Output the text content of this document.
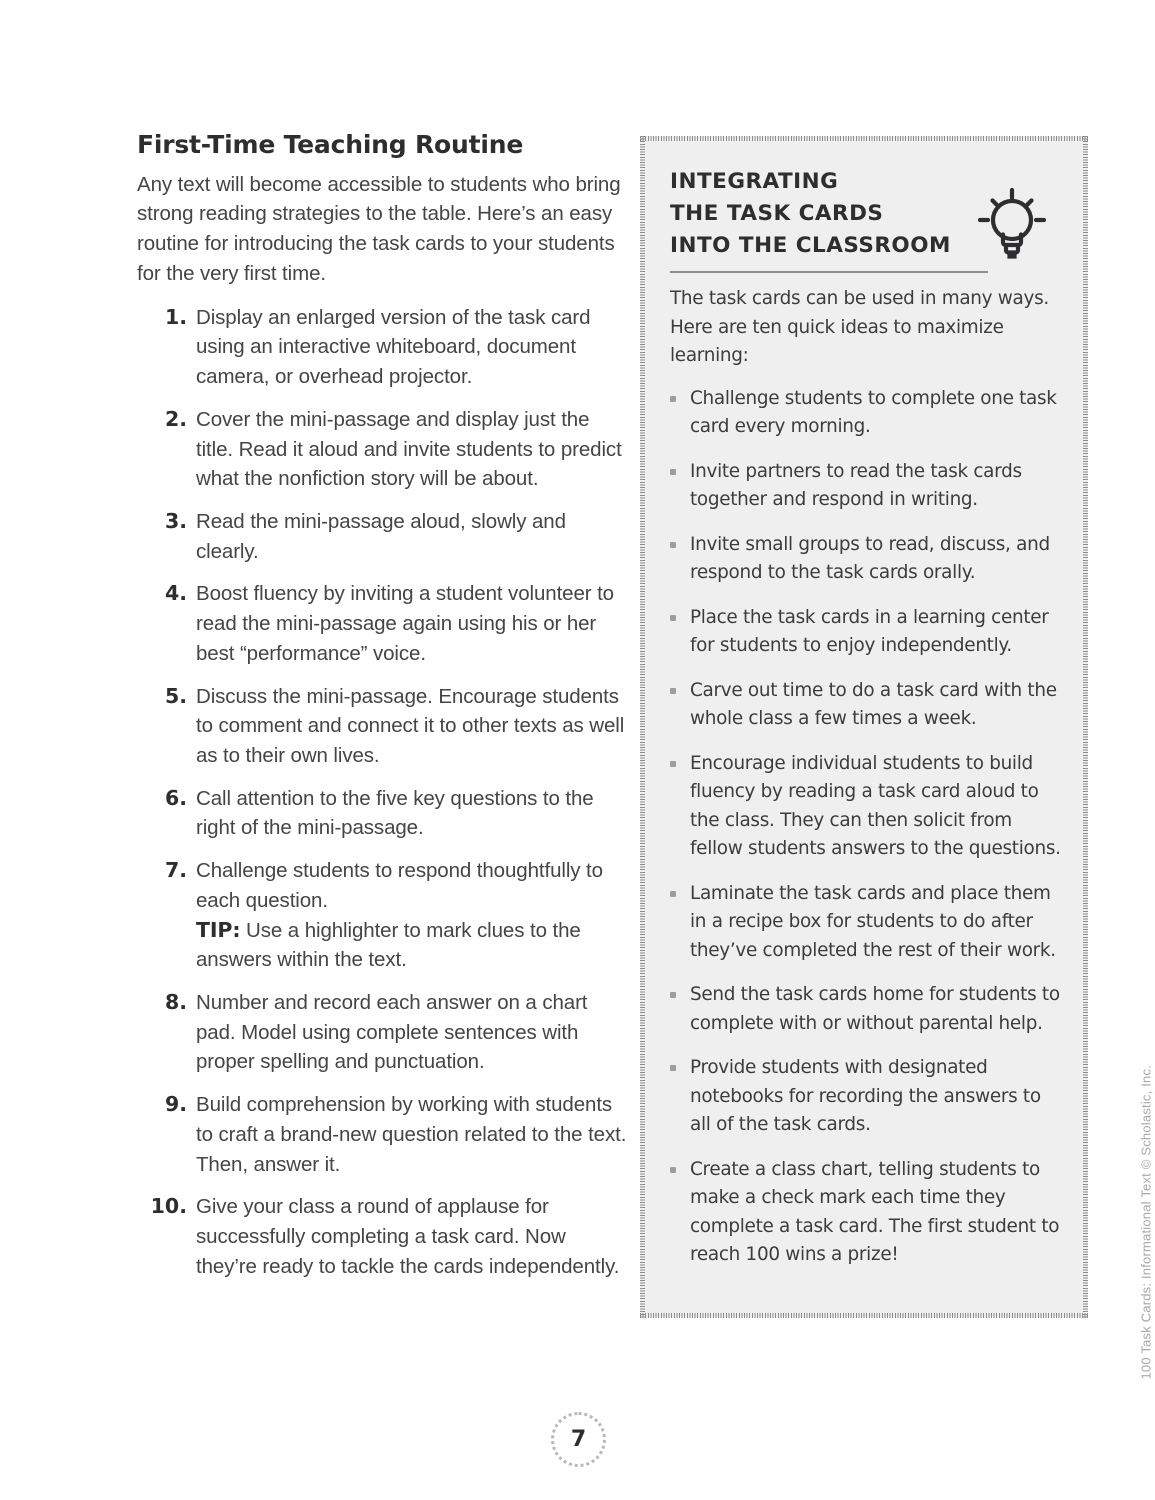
First-Time Teaching Routine

Any text will become accessible to students who bring strong reading strategies to the table. Here’s an easy routine for introducing the task cards to your students for the very first time.

1. Display an enlarged version of the task card using an interactive whiteboard, document camera, or overhead projector.
2. Cover the mini-passage and display just the title. Read it aloud and invite students to predict what the nonfiction story will be about.
3. Read the mini-passage aloud, slowly and clearly.
4. Boost fluency by inviting a student volunteer to read the mini-passage again using his or her best “performance” voice.
5. Discuss the mini-passage. Encourage students to comment and connect it to other texts as well as to their own lives.
6. Call attention to the five key questions to the right of the mini-passage.
7. Challenge students to respond thoughtfully to each question.
TIP: Use a highlighter to mark clues to the answers within the text.
8. Number and record each answer on a chart pad. Model using complete sentences with proper spelling and punctuation.
9. Build comprehension by working with students to craft a brand-new question related to the text. Then, answer it.
10. Give your class a round of applause for successfully completing a task card. Now they’re ready to tackle the cards independently.
INTEGRATING
THE TASK CARDS
INTO THE CLASSROOM

The task cards can be used in many ways. Here are ten quick ideas to maximize learning:

Challenge students to complete one task card every morning.
Invite partners to read the task cards together and respond in writing.
Invite small groups to read, discuss, and respond to the task cards orally.
Place the task cards in a learning center for students to enjoy independently.
Carve out time to do a task card with the whole class a few times a week.
Encourage individual students to build fluency by reading a task card aloud to the class. They can then solicit from fellow students answers to the questions.
Laminate the task cards and place them in a recipe box for students to do after they’ve completed the rest of their work.
Send the task cards home for students to complete with or without parental help.
Provide students with designated notebooks for recording the answers to all of the task cards.
Create a class chart, telling students to make a check mark each time they complete a task card. The first student to reach 100 wins a prize!	100 Task Cards: Informational Text © Scholastic, Inc.
7
